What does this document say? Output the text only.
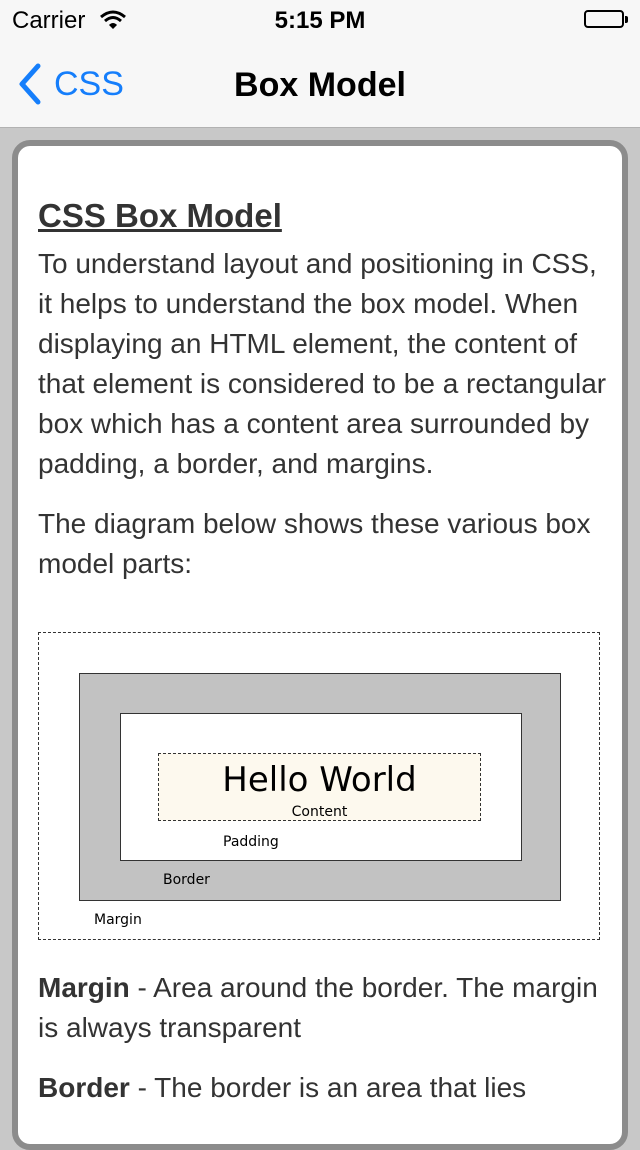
Carrier	5:15 PM
CSS	Box Model
CSS Box Model

To understand layout and positioning in CSS, it helps to understand the box model. When displaying an HTML element, the content of that element is considered to be a rectangular box which has a content area surrounded by padding, a border, and margins.

The diagram below shows these various box model parts:

Hello World
Content
Padding
Border
Margin

Margin - Area around the border. The margin is always transparent

Border - The border is an area that lies
